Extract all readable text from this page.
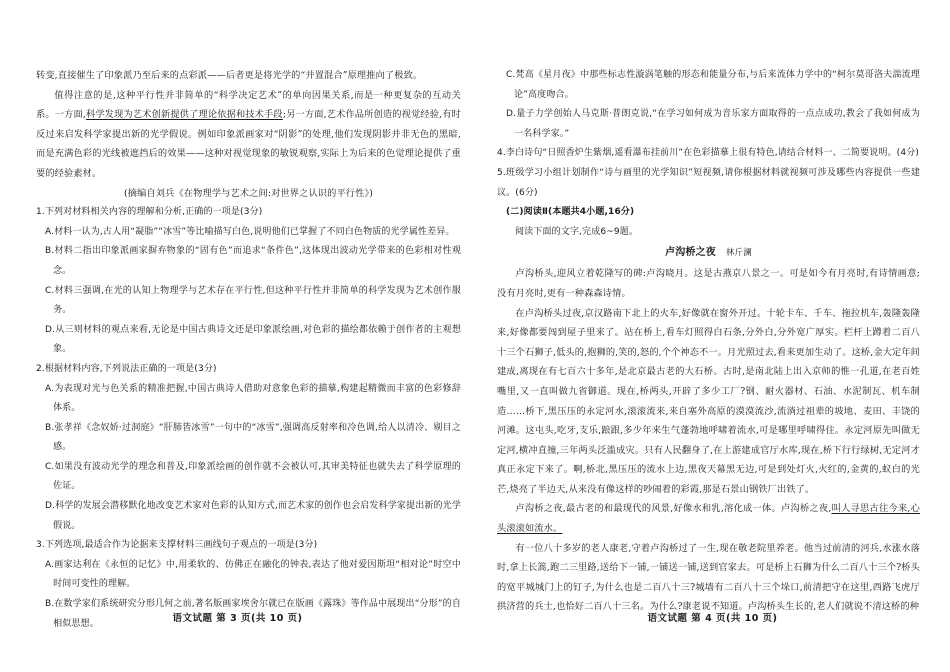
转变,直接催生了印象派乃至后来的点彩派——后者更是将光学的“并置混合”原理推向了极致。

值得注意的是,这种平行性并非简单的“科学决定艺术”的单向因果关系,而是一种更复杂的互动关系。一方面,科学发现为艺术创新提供了理论依据和技术手段;另一方面,艺术作品所创造的视觉经验,有时反过来启发科学家提出新的光学假说。例如印象派画家对“阴影”的处理,他们发现阴影并非无色的黑暗,而是充满色彩的光线被遮挡后的效果——这种对视觉现象的敏锐观察,实际上为后来的色觉理论提供了重要的经验素材。

(摘编自刘兵《在物理学与艺术之间:对世界之认识的平行性》)

1.下列对材料相关内容的理解和分析,正确的一项是(3分)

A.材料一认为,古人用“凝脂”“冰雪”等比喻描写白色,说明他们已掌握了不同白色物质的光学属性差异。

B.材料二指出印象派画家摒弃物象的“固有色”而追求“条件色”,这体现出波动光学带来的色彩相对性观念。

C.材料三强调,在光的认知上物理学与艺术存在平行性,但这种平行性并非简单的科学发现为艺术创作服务。

D.从三则材料的观点来看,无论是中国古典诗文还是印象派绘画,对色彩的描绘都依赖于创作者的主观想象。

2.根据材料内容,下列说法正确的一项是(3分)

A.为表现对光与色关系的精准把握,中国古典诗人借助对意象色彩的描摹,构建起精微而丰富的色彩修辞体系。

B.张孝祥《念奴娇·过洞庭》“肝肺皆冰雪”一句中的“冰雪”,强调高反射率和冷色调,给人以清冷、剔目之感。

C.如果没有波动光学的理念和普及,印象派绘画的创作就不会被认可,其审美特征也就失去了科学原理的佐证。

D.科学的发展会潜移默化地改变艺术家对色彩的认知方式,而艺术家的创作也会启发科学家提出新的光学假说。

3.下列选项,最适合作为论据来支撑材料三画线句子观点的一项是(3分)

A.画家达利在《永恒的记忆》中,用柔软的、仿佛正在融化的钟表,表达了他对爱因斯坦“相对论”时空中时间可变性的理解。

B.在数学家们系统研究分形几何之前,著名版画家埃舍尔就已在版画《露珠》等作品中展现出“分形”的自相似思想。	语文试题 第 3 页(共 10 页)

C.梵高《星月夜》中那些标志性漩涡笔触的形态和能量分布,与后来流体力学中的“柯尔莫哥洛夫湍流理论”高度吻合。

D.量子力学创始人马克斯·普朗克说,“在学习如何成为音乐家方面取得的一点点成功,教会了我如何成为一名科学家。”

4.李白诗句“日照香炉生紫烟,遥看瀑布挂前川”在色彩描摹上很有特色,请结合材料一、二简要说明。(4分)

5.班级学习小组计划制作“诗与画里的光学知识”短视频,请你根据材料就视频可涉及哪些内容提供一些建议。(6分)

(二)阅读Ⅱ(本题共4小题,16分)

阅读下面的文字,完成6~9题。

卢沟桥之夜 林斤澜

卢沟桥头,迎风立着乾隆写的碑:卢沟晓月。这是古燕京八景之一。可是如今有月亮时,有诗情画意;没有月亮时,更有一种森森诗情。

在卢沟桥头过夜,京汉路南下北上的火车,好像就在窗外开过。十轮卡车、千车、拖拉机车,轰隆轰隆来,好像都要闯到屋子里来了。站在桥上,看车灯照得白石条,分外白,分外宽广厚实。栏杆上蹲着二百八十三个石狮子,低头的,抱狮的,笑的,怒的,个个神态不一。月光照过去,看来更加生动了。这桥,金大定年间建成,离现在有七百六十多年,是北京最古老的大石桥。古时,是南北陆上出入京师的惟一孔道,在老百姓嘴里,又一直叫做九省御道。现在,桥两头,开辟了多少工厂?钢、耐火器材、石油、水泥制瓦、机车制造……桥下,黑压压的永定河水,滚滚流来,来自塞外高原的漠漠流沙,流淌过祖辈的坡地、麦田、丰饶的河滩。这屯头,吃牙,支乐,踉跟,多少年来生气蓬勃地呼啸着流水,可是哪里呼啸得住。永定河原先叫做无定河,横冲直撞,三年两头泛滥成灾。只有人民翻身了,在上游建成官厅水库,现在,桥下行行绿树,无定河才真正永定下来了。啊,桥北,黑压压的流水上边,黑夜天幕黑无边,可是到处灯火,火红的,金黄的,蚁白的光芒,烧亮了半边天,从来没有像这样的吵闹着的彩霞,那是石景山钢铁厂出铁了。

卢沟桥之夜,最古老的和最现代的风景,好像水和乳,溶化成一体。卢沟桥之夜,叫人寻思古往今来,心头滚滚如流水。

有一位八十多岁的老人康老,守着卢沟桥过了一生,现在敬老院里养老。他当过前清的河兵,水涨水落时,拿上长篙,跑二三里路,送给下一铺,一铺送一铺,送到官家去。可是桥上石狮为什么二百八十三个?桥头的宽平城城门上的钉子,为什么也是二百八十三?城墙有二百八十三个垛口,前清把守在这里,西路飞虎厅拱济营的兵士,也恰好二百八十三名。为什么?康老说不知道。卢沟桥头生长的,老人们就说不清这桥的种

语文试题 第 4 页(共 10 页)
